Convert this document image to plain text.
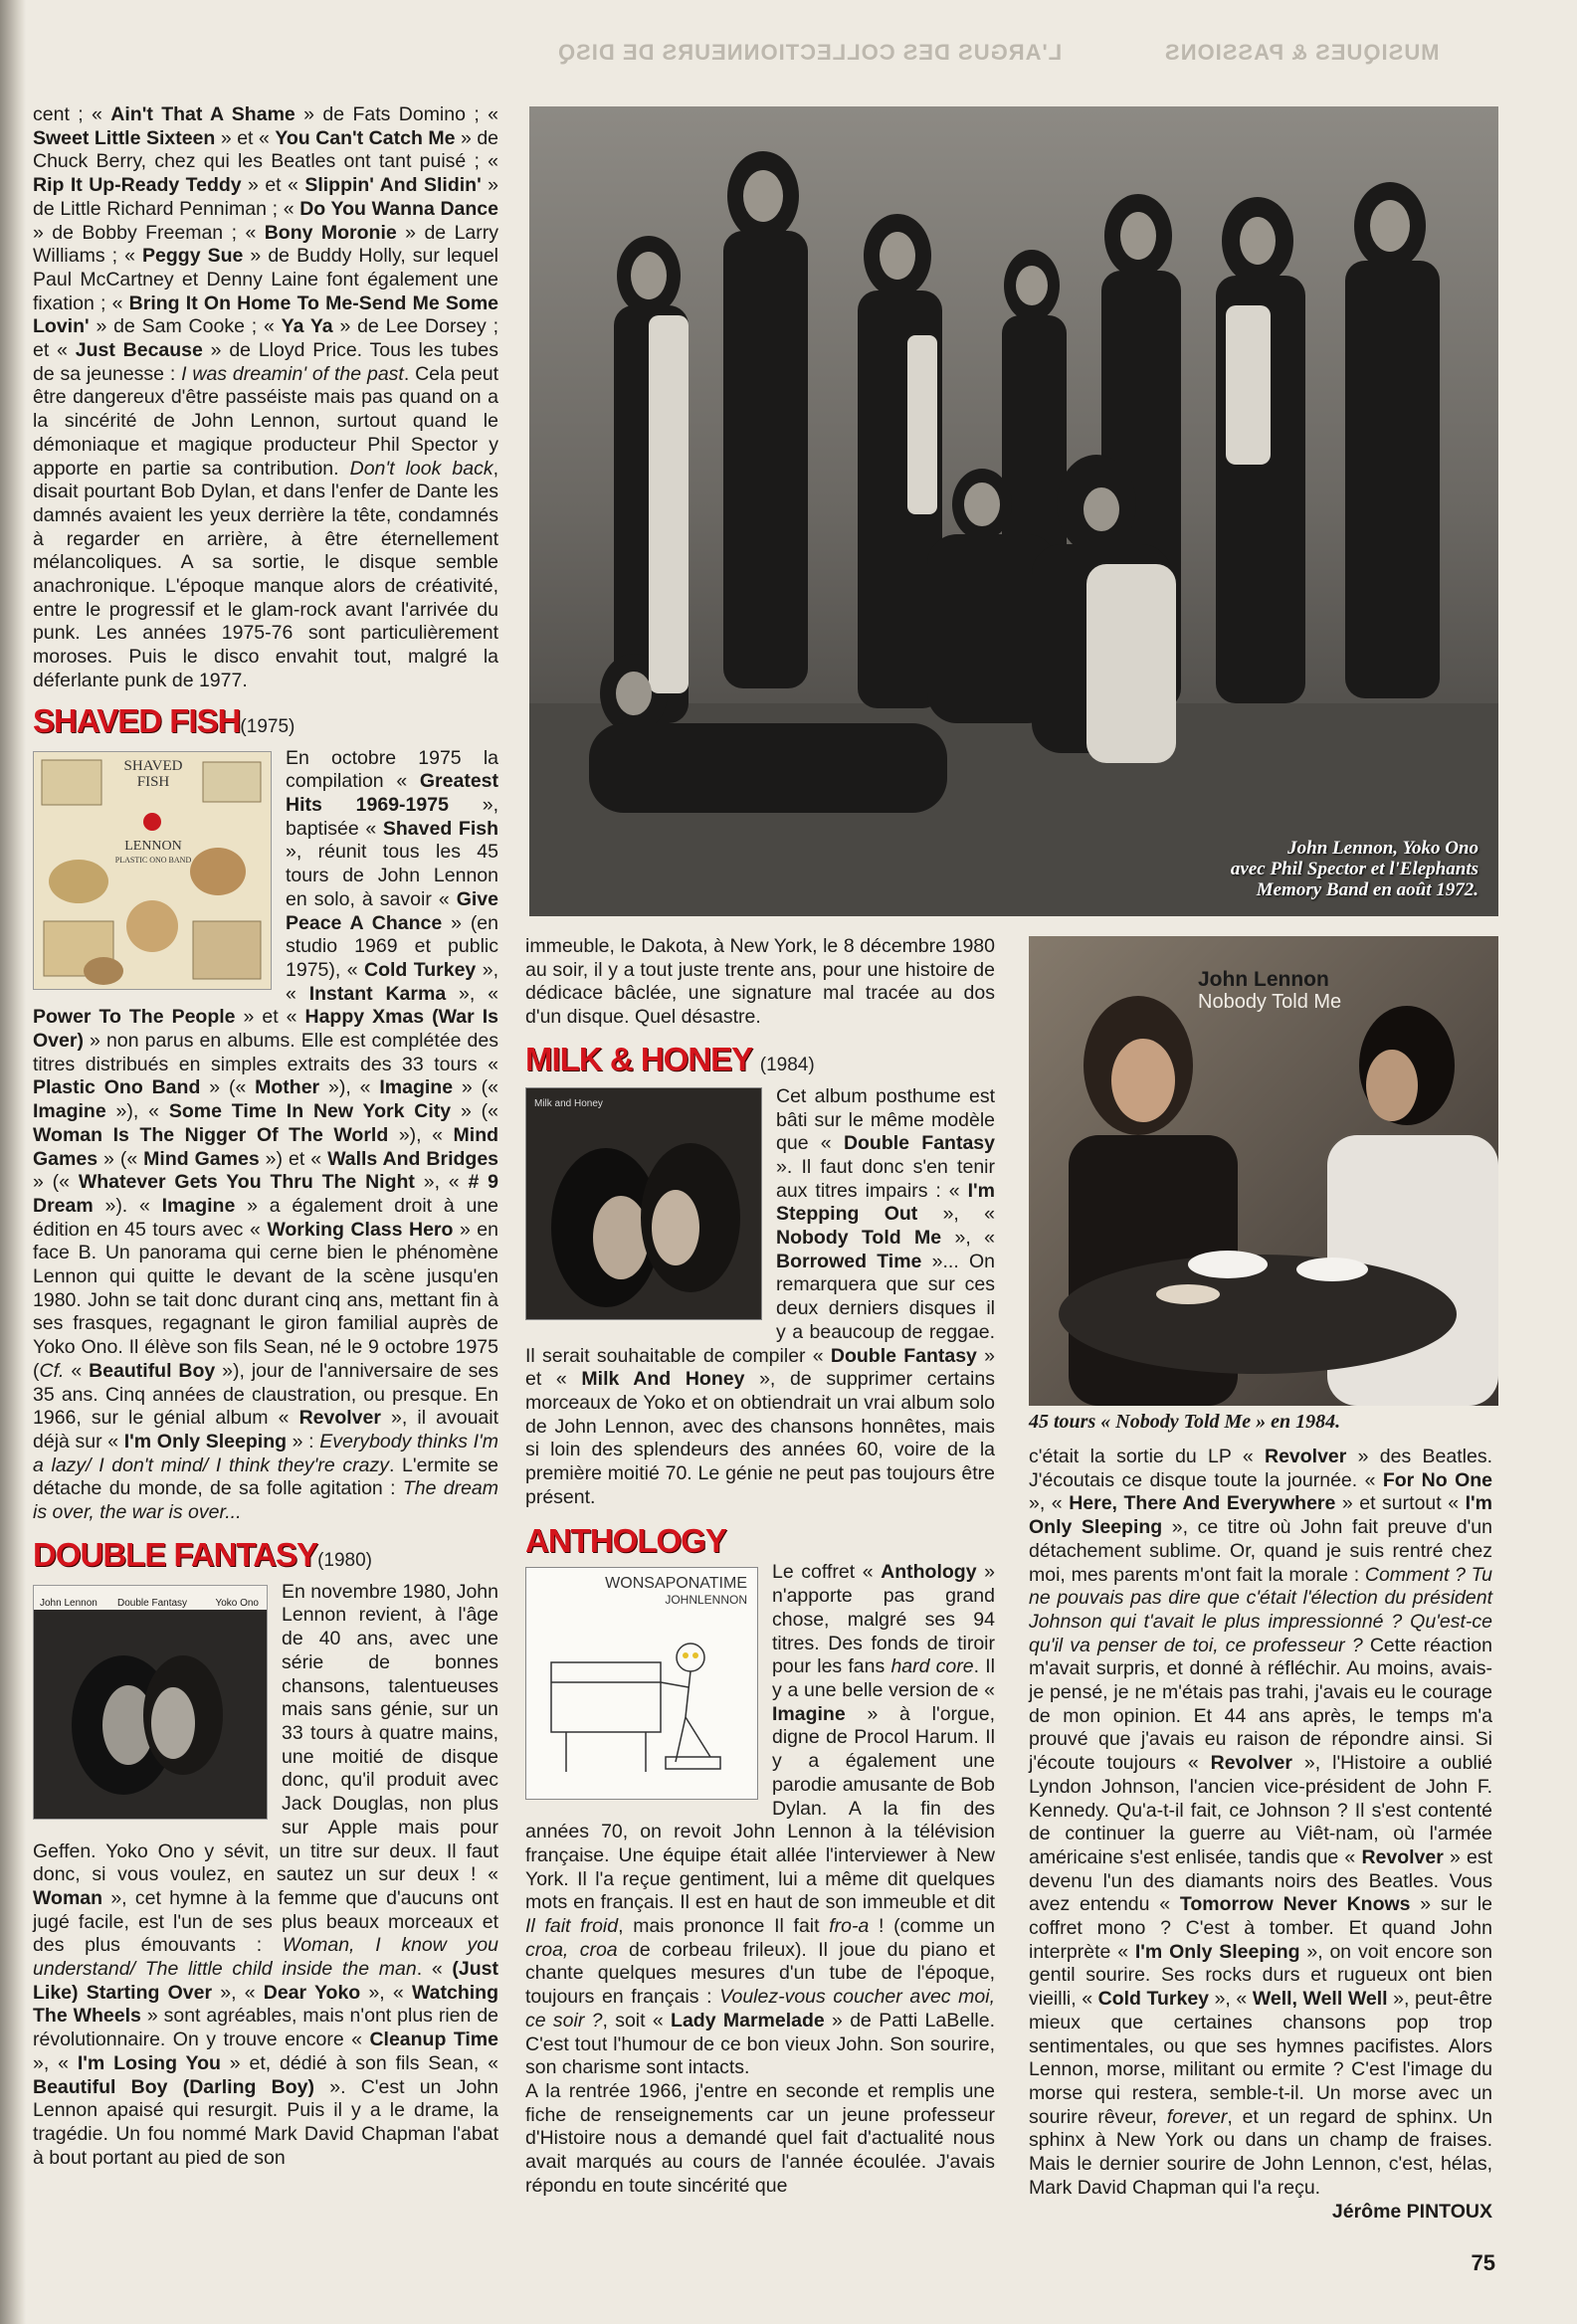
L'ARGUS DES COLLECTIONNEURS DE DISQ	MUSIQUES & PASSIONS

cent ; « Ain't That A Shame » de Fats Domino ; « Sweet Little Sixteen » et « You Can't Catch Me » de Chuck Berry, chez qui les Beatles ont tant puisé ; « Rip It Up-Ready Teddy » et « Slippin' And Slidin' » de Little Richard Penniman ; « Do You Wanna Dance » de Bobby Freeman ; « Bony Moronie » de Larry Williams ; « Peggy Sue » de Buddy Holly, sur lequel Paul McCartney et Denny Laine font également une fixation ; « Bring It On Home To Me-Send Me Some Lovin' » de Sam Cooke ; « Ya Ya » de Lee Dorsey ; et « Just Because » de Lloyd Price. Tous les tubes de sa jeunesse : I was dreamin' of the past. Cela peut être dangereux d'être passéiste mais pas quand on a la sincérité de John Lennon, surtout quand le démoniaque et magique producteur Phil Spector y apporte en partie sa contribution. Don't look back, disait pourtant Bob Dylan, et dans l'enfer de Dante les damnés avaient les yeux derrière la tête, condamnés à regarder en arrière, à être éternellement mélancoliques. A sa sortie, le disque semble anachronique. L'époque manque alors de créativité, entre le progressif et le glam-rock avant l'arrivée du punk. Les années 1975-76 sont particulièrement moroses. Puis le disco envahit tout, malgré la déferlante punk de 1977.

SHAVED FISH(1975)
SHAVED
FISH
LENNON
PLASTIC ONO BAND

En octobre 1975 la compilation « Greatest Hits 1969-1975 », baptisée « Shaved Fish », réunit tous les 45 tours de John Lennon en solo, à savoir « Give Peace A Chance » (en studio 1969 et public 1975), « Cold Turkey », « Instant Karma », « Power To The People » et « Happy Xmas (War Is Over) » non parus en albums. Elle est complétée des titres distribués en simples extraits des 33 tours « Plastic Ono Band » (« Mother »), « Imagine » (« Imagine »), « Some Time In New York City » (« Woman Is The Nigger Of The World »), « Mind Games » (« Mind Games ») et « Walls And Bridges » (« Whatever Gets You Thru The Night », « # 9 Dream »). « Imagine » a également droit à une édition en 45 tours avec « Working Class Hero » en face B. Un panorama qui cerne bien le phénomène Lennon qui quitte le devant de la scène jusqu'en 1980. John se tait donc durant cinq ans, mettant fin à ses frasques, regagnant le giron familial auprès de Yoko Ono. Il élève son fils Sean, né le 9 octobre 1975 (Cf. « Beautiful Boy »), jour de l'anniversaire de ses 35 ans. Cinq années de claustration, ou presque. En 1966, sur le génial album « Revolver », il avouait déjà sur « I'm Only Sleeping » : Everybody thinks I'm a lazy/ I don't mind/ I think they're crazy. L'ermite se détache du monde, de sa folle agitation : The dream is over, the war is over...

DOUBLE FANTASY(1980)
John Lennon Double Fantasy	Yoko Ono

En novembre 1980, John Lennon revient, à l'âge de 40 ans, avec une série de bonnes chansons, talentueuses mais sans génie, sur un 33 tours à quatre mains, une moitié de disque donc, qu'il produit avec Jack Douglas, non plus sur Apple mais pour Geffen. Yoko Ono y sévit, un titre sur deux. Il faut donc, si vous voulez, en sautez un sur deux ! « Woman », cet hymne à la femme que d'aucuns ont jugé facile, est l'un de ses plus beaux morceaux et des plus émouvants : Woman, I know you understand/ The little child inside the man. « (Just Like) Starting Over », « Dear Yoko », « Watching The Wheels » sont agréables, mais n'ont plus rien de révolutionnaire. On y trouve encore « Cleanup Time », « I'm Losing You » et, dédié à son fils Sean, « Beautiful Boy (Darling Boy) ». C'est un John Lennon apaisé qui resurgit. Puis il y a le drame, la tragédie. Un fou nommé Mark David Chapman l'abat à bout portant au pied de son

John Lennon, Yoko Ono
avec Phil Spector et l'Elephants
Memory Band en août 1972.

immeuble, le Dakota, à New York, le 8 décembre 1980 au soir, il y a tout juste trente ans, pour une histoire de dédicace bâclée, une signature mal tracée au dos d'un disque. Quel désastre.

MILK & HONEY (1984)
Milk and Honey	Cet album posthume est bâti sur le même modèle que « Double Fantasy ». Il faut donc s'en tenir aux titres impairs : « I'm Stepping Out », « Nobody Told Me », « Borrowed Time »... On remarquera que sur ces deux derniers disques il y a beaucoup de reggae. Il serait souhaitable de compiler « Double Fantasy » et « Milk And Honey », de supprimer certains morceaux de Yoko et on obtiendrait un vrai album solo de John Lennon, avec des chansons honnêtes, mais si loin des splendeurs des années 60, voire de la première moitié 70. Le génie ne peut pas toujours être présent.

ANTHOLOGY
WONSAPONATIME
JOHNLENNON

Le coffret « Anthology » n'apporte pas grand chose, malgré ses 94 titres. Des fonds de tiroir pour les fans hard core. Il y a une belle version de « Imagine » à l'orgue, digne de Procol Harum. Il y a également une parodie amusante de Bob Dylan. A la fin des années 70, on revoit John Lennon à la télévision française. Une équipe était allée l'interviewer à New York. Il l'a reçue gentiment, lui a même dit quelques mots en français. Il est en haut de son immeuble et dit Il fait froid, mais prononce Il fait fro-a ! (comme un croa, croa de corbeau frileux). Il joue du piano et chante quelques mesures d'un tube de l'époque, toujours en français : Voulez-vous coucher avec moi, ce soir ?, soit « Lady Marmelade » de Patti LaBelle. C'est tout l'humour de ce bon vieux John. Son sourire, son charisme sont intacts.

A la rentrée 1966, j'entre en seconde et remplis une fiche de renseignements car un jeune professeur d'Histoire nous a demandé quel fait d'actualité nous avait marqués au cours de l'année écoulée. J'avais répondu en toute sincérité que

John Lennon
Nobody Told Me
45 tours « Nobody Told Me » en 1984.

c'était la sortie du LP « Revolver » des Beatles. J'écoutais ce disque toute la journée. « For No One », « Here, There And Everywhere » et surtout « I'm Only Sleeping », ce titre où John fait preuve d'un détachement sublime. Or, quand je suis rentré chez moi, mes parents m'ont fait la morale : Comment ? Tu ne pouvais pas dire que c'était l'élection du président Johnson qui t'avait le plus impressionné ? Qu'est-ce qu'il va penser de toi, ce professeur ? Cette réaction m'avait surpris, et donné à réfléchir. Au moins, avais-je pensé, je ne m'étais pas trahi, j'avais eu le courage de mon opinion. Et 44 ans après, le temps m'a prouvé que j'avais eu raison de répondre ainsi. Si j'écoute toujours « Revolver », l'Histoire a oublié Lyndon Johnson, l'ancien vice-président de John F. Kennedy. Qu'a-t-il fait, ce Johnson ? Il s'est contenté de continuer la guerre au Viêt-nam, où l'armée américaine s'est enlisée, tandis que « Revolver » est devenu l'un des diamants noirs des Beatles. Vous avez entendu « Tomorrow Never Knows » sur le coffret mono ? C'est à tomber. Et quand John interprète « I'm Only Sleeping », on voit encore son gentil sourire. Ses rocks durs et rugueux ont bien vieilli, « Cold Turkey », « Well, Well Well », peut-être mieux que certaines chansons pop trop sentimentales, ou que ses hymnes pacifistes. Alors Lennon, morse, militant ou ermite ? C'est l'image du morse qui restera, semble-t-il. Un morse avec un sourire rêveur, forever, et un regard de sphinx. Un sphinx à New York ou dans un champ de fraises. Mais le dernier sourire de John Lennon, c'est, hélas, Mark David Chapman qui l'a reçu.

Jérôme PINTOUX

75
